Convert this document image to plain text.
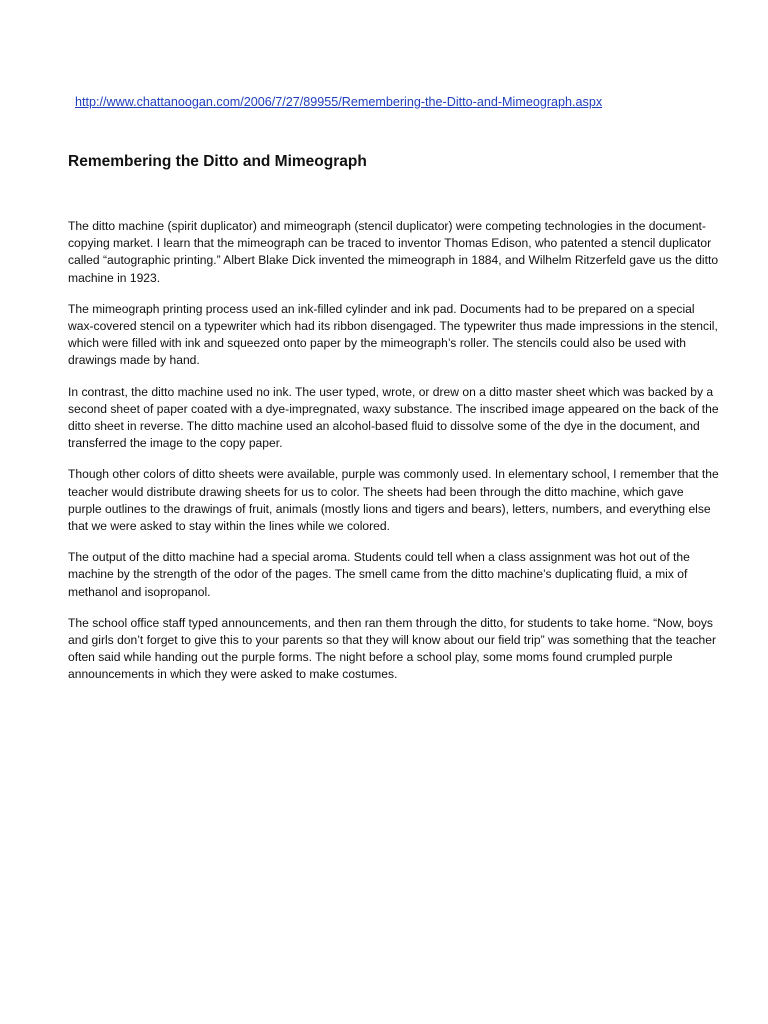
http://www.chattanoogan.com/2006/7/27/89955/Remembering-the-Ditto-and-Mimeograph.aspx
Remembering the Ditto and Mimeograph

The ditto machine (spirit duplicator) and mimeograph (stencil duplicator) were competing technologies in the document-copying market. I learn that the mimeograph can be traced to inventor Thomas Edison, who patented a stencil duplicator called “autographic printing.” Albert Blake Dick invented the mimeograph in 1884, and Wilhelm Ritzerfeld gave us the ditto machine in 1923.

The mimeograph printing process used an ink-filled cylinder and ink pad. Documents had to be prepared on a special wax-covered stencil on a typewriter which had its ribbon disengaged. The typewriter thus made impressions in the stencil, which were filled with ink and squeezed onto paper by the mimeograph’s roller. The stencils could also be used with drawings made by hand.

In contrast, the ditto machine used no ink. The user typed, wrote, or drew on a ditto master sheet which was backed by a second sheet of paper coated with a dye-impregnated, waxy substance. The inscribed image appeared on the back of the ditto sheet in reverse. The ditto machine used an alcohol-based fluid to dissolve some of the dye in the document, and transferred the image to the copy paper.

Though other colors of ditto sheets were available, purple was commonly used. In elementary school, I remember that the teacher would distribute drawing sheets for us to color. The sheets had been through the ditto machine, which gave purple outlines to the drawings of fruit, animals (mostly lions and tigers and bears), letters, numbers, and everything else that we were asked to stay within the lines while we colored.

The output of the ditto machine had a special aroma. Students could tell when a class assignment was hot out of the machine by the strength of the odor of the pages. The smell came from the ditto machine’s duplicating fluid, a mix of methanol and isopropanol.

The school office staff typed announcements, and then ran them through the ditto, for students to take home. “Now, boys and girls don’t forget to give this to your parents so that they will know about our field trip” was something that the teacher often said while handing out the purple forms. The night before a school play, some moms found crumpled purple announcements in which they were asked to make costumes.
